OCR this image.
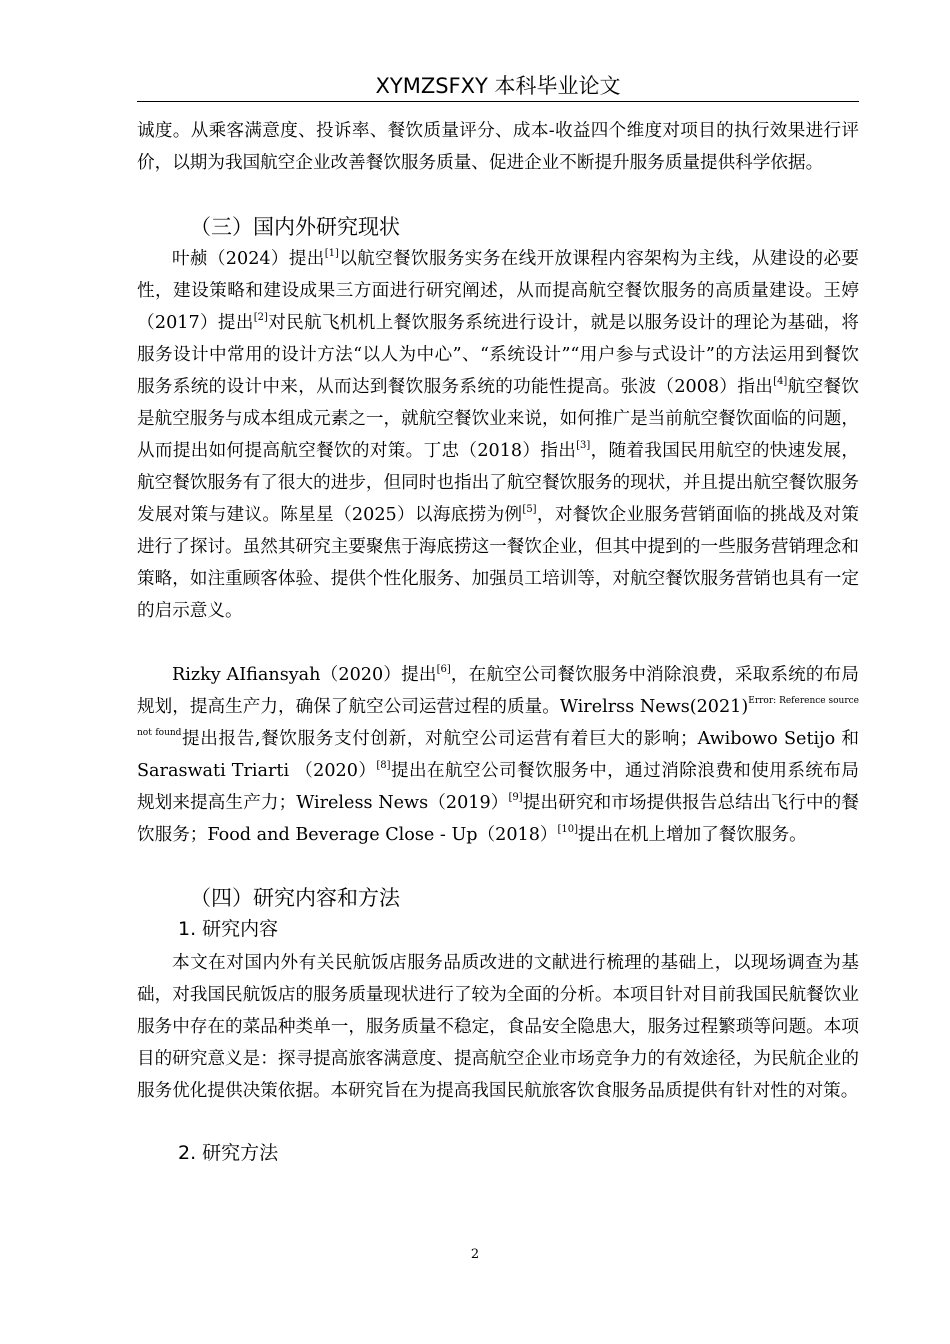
XYMZSFXY 本科毕业论文

诚度。从乘客满意度、投诉率、餐饮质量评分、成本-收益四个维度对项目的执行效果进行评价，以期为我国航空企业改善餐饮服务质量、促进企业不断提升服务质量提供科学依据。

（三）国内外研究现状

叶赪（2024）提出[1]以航空餐饮服务实务在线开放课程内容架构为主线，从建设的必要性，建设策略和建设成果三方面进行研究阐述，从而提高航空餐饮服务的高质量建设。王婷（2017）提出[2]对民航飞机机上餐饮服务系统进行设计，就是以服务设计的理论为基础，将服务设计中常用的设计方法“以人为中心”、“系统设计”“用户参与式设计”的方法运用到餐饮服务系统的设计中来，从而达到餐饮服务系统的功能性提高。张波（2008）指出[4]航空餐饮是航空服务与成本组成元素之一，就航空餐饮业来说，如何推广是当前航空餐饮面临的问题，从而提出如何提高航空餐饮的对策。丁忠（2018）指出[3]，随着我国民用航空的快速发展，航空餐饮服务有了很大的进步，但同时也指出了航空餐饮服务的现状，并且提出航空餐饮服务发展对策与建议。陈星星（2025）以海底捞为例[5]，对餐饮企业服务营销面临的挑战及对策进行了探讨。虽然其研究主要聚焦于海底捞这一餐饮企业，但其中提到的一些服务营销理念和策略，如注重顾客体验、提供个性化服务、加强员工培训等，对航空餐饮服务营销也具有一定的启示意义。

Rizky AIfiansyah（2020）提出[6]，在航空公司餐饮服务中消除浪费，采取系统的布局规划，提高生产力，确保了航空公司运营过程的质量。Wirelrss $News(2021)^{Error: Reference source not found}$提出报告,餐饮服务支付创新，对航空公司运营有着巨大的影响；Awibowo Setijo 和 Saraswati Triarti （2020）[8]提出在航空公司餐饮服务中，通过消除浪费和使用系统布局规划来提高生产力；Wireless News（2019）[9]提出研究和市场提供报告总结出飞行中的餐饮服务；Food and Beverage Close - Up（2018）[10]提出在机上增加了餐饮服务。

（四）研究内容和方法
1. 研究内容

本文在对国内外有关民航饭店服务品质改进的文献进行梳理的基础上，以现场调查为基础，对我国民航饭店的服务质量现状进行了较为全面的分析。本项目针对目前我国民航餐饮业服务中存在的菜品种类单一，服务质量不稳定，食品安全隐患大，服务过程繁琐等问题。本项目的研究意义是：探寻提高旅客满意度、提高航空企业市场竞争力的有效途径，为民航企业的服务优化提供决策依据。本研究旨在为提高我国民航旅客饮食服务品质提供有针对性的对策。

2. 研究方法
2
